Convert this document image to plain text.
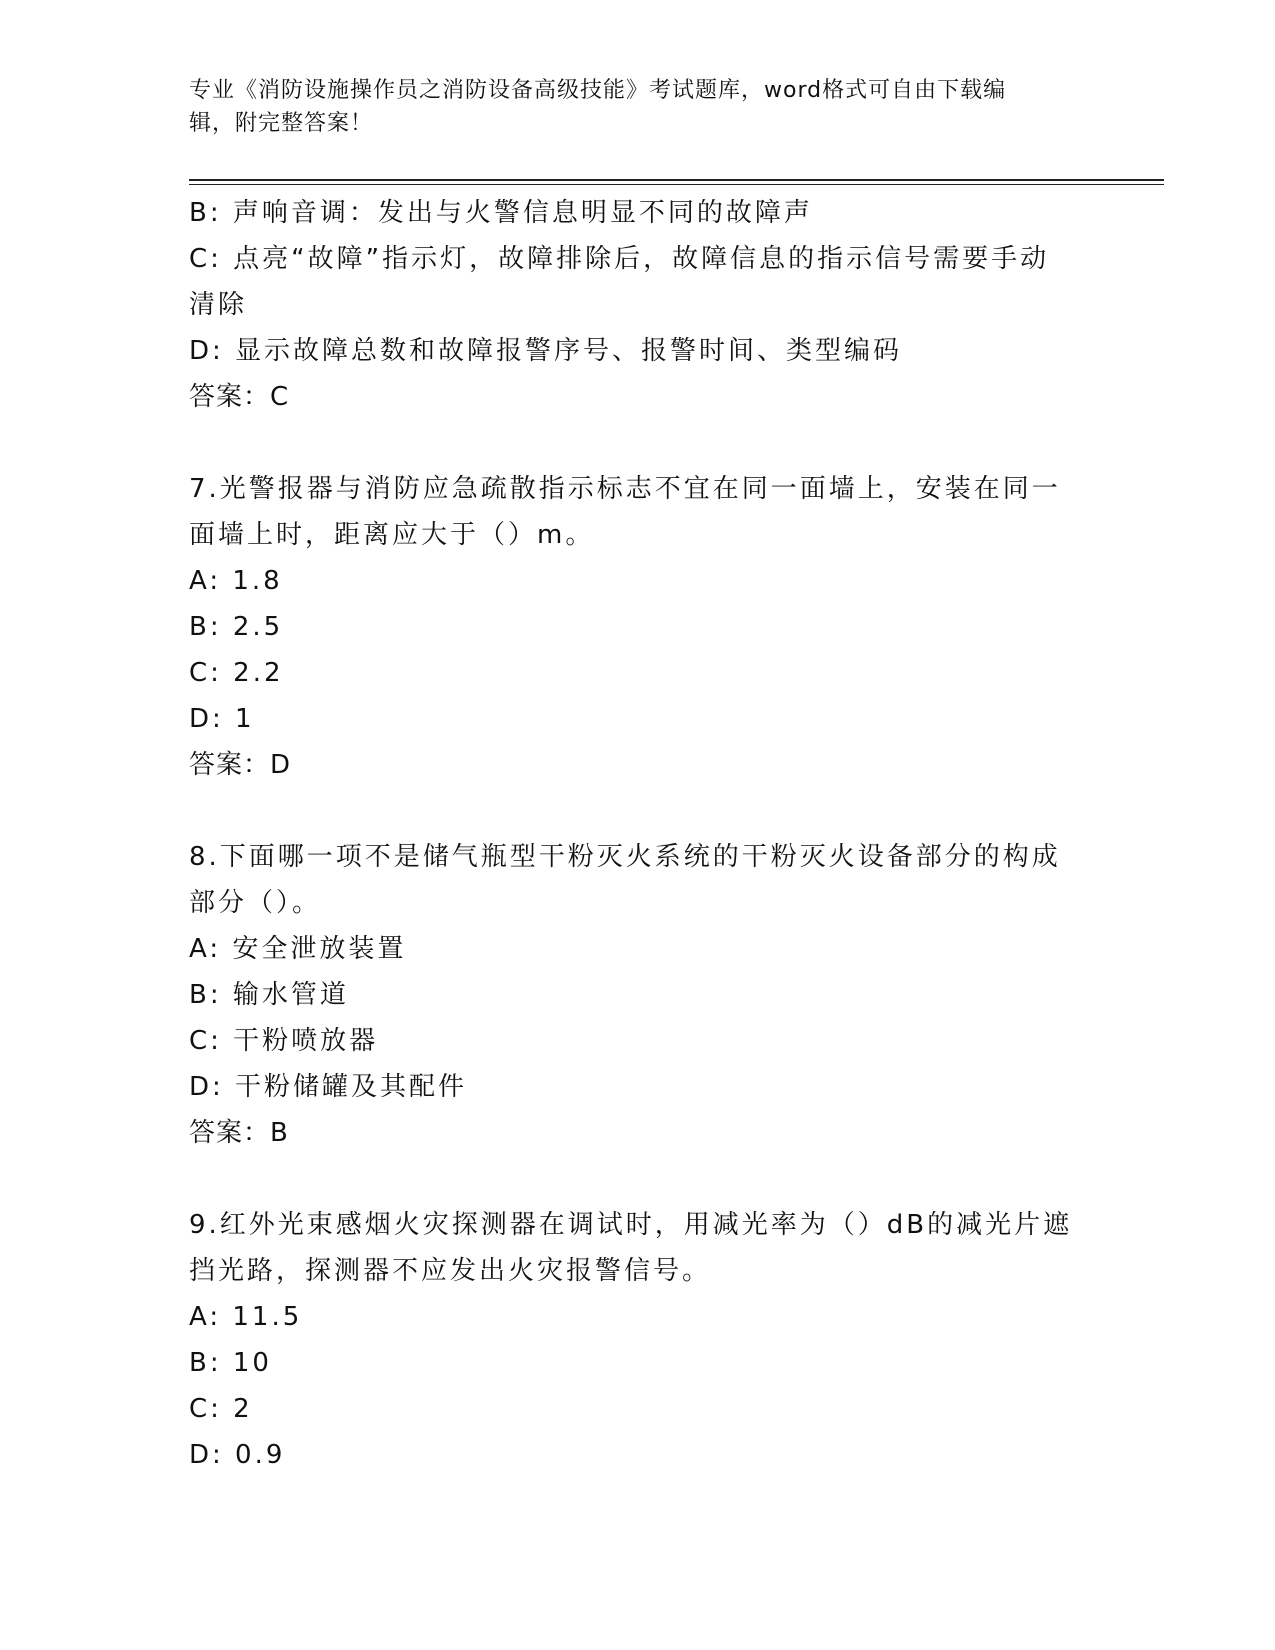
专业《消防设施操作员之消防设备高级技能》考试题库，word格式可自由下载编
辑，附完整答案！
B: 声响音调：发出与火警信息明显不同的故障声
C: 点亮“故障”指示灯，故障排除后，故障信息的指示信号需要手动
清除
D: 显示故障总数和故障报警序号、报警时间、类型编码
答案：C
7.光警报器与消防应急疏散指示标志不宜在同一面墙上，安装在同一
面墙上时，距离应大于（）m。
A: 1.8
B: 2.5
C: 2.2
D: 1
答案：D
8.下面哪一项不是储气瓶型干粉灭火系统的干粉灭火设备部分的构成
部分（）。
A: 安全泄放装置
B: 输水管道
C: 干粉喷放器
D: 干粉储罐及其配件
答案：B
9.红外光束感烟火灾探测器在调试时，用减光率为（）dB的减光片遮
挡光路，探测器不应发出火灾报警信号。
A: 11.5
B: 10
C: 2
D: 0.9
